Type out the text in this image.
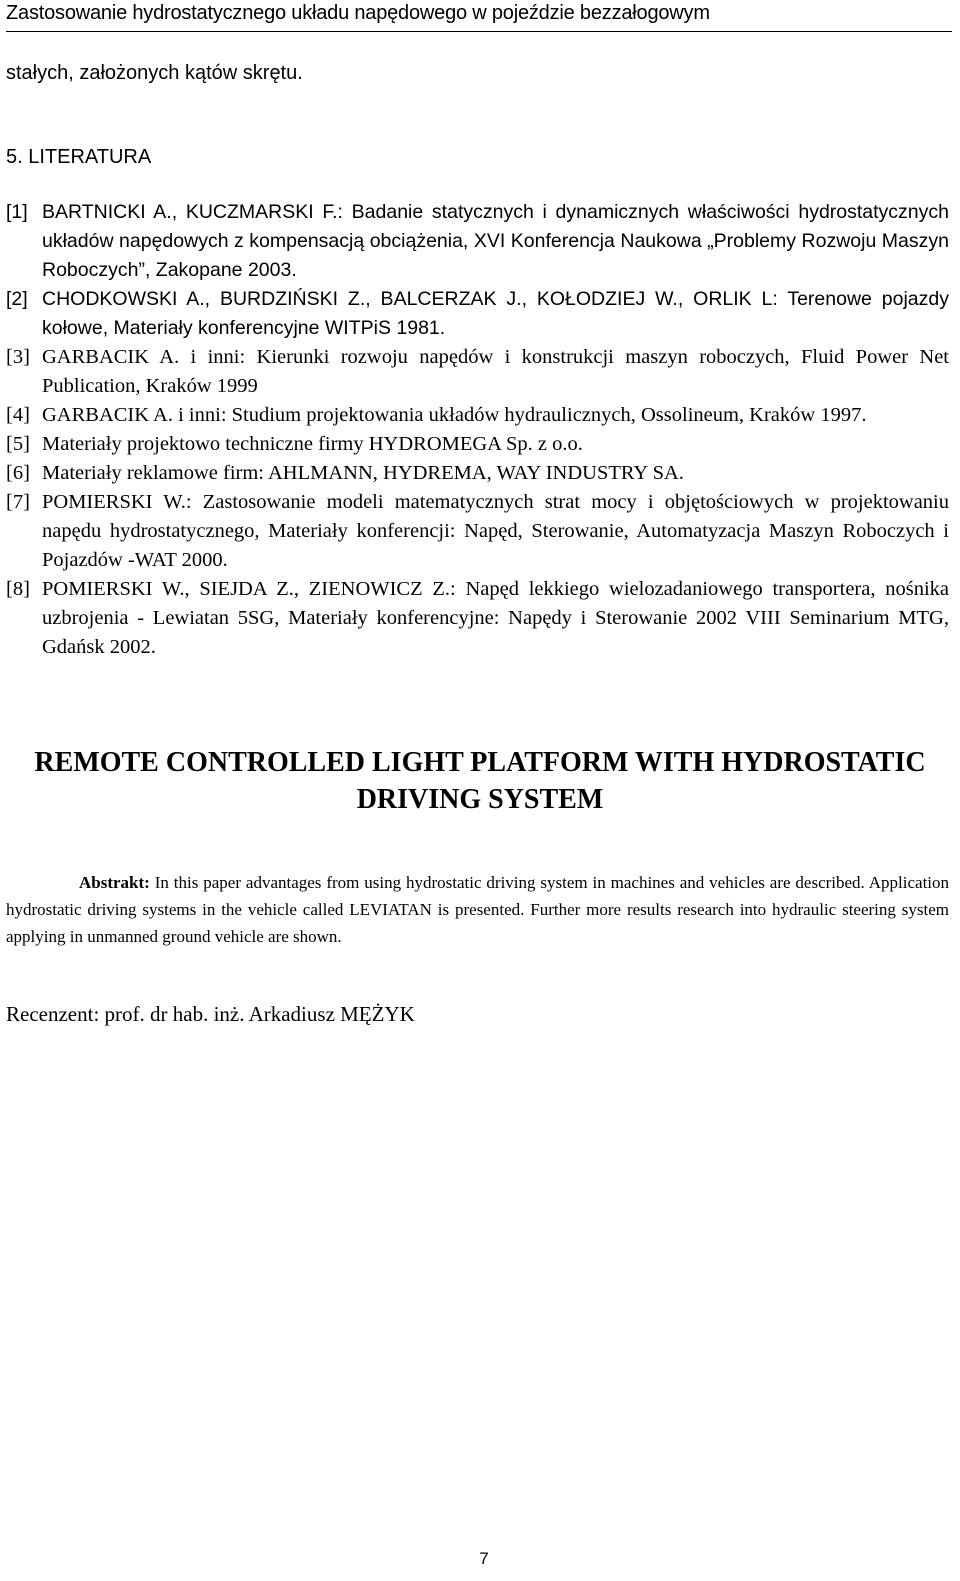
Zastosowanie hydrostatycznego układu napędowego w pojeździe bezzałogowym
stałych, założonych kątów skrętu.
5. LITERATURA
[1] BARTNICKI A., KUCZMARSKI F.: Badanie statycznych i dynamicznych właściwości hydrostatycznych układów napędowych z kompensacją obciążenia, XVI Konferencja Naukowa „Problemy Rozwoju Maszyn Roboczych”, Zakopane 2003.
[2] CHODKOWSKI A., BURDZIŃSKI Z., BALCERZAK J., KOŁODZIEJ W., ORLIK L: Terenowe pojazdy kołowe, Materiały konferencyjne WITPiS 1981.
[3] GARBACIK A. i inni: Kierunki rozwoju napędów i konstrukcji maszyn roboczych, Fluid Power Net Publication, Kraków 1999
[4] GARBACIK A. i inni: Studium projektowania układów hydraulicznych, Ossolineum, Kraków 1997.
[5] Materiały projektowo techniczne firmy HYDROMEGA Sp. z o.o.
[6] Materiały reklamowe firm: AHLMANN, HYDREMA, WAY INDUSTRY SA.
[7] POMIERSKI W.: Zastosowanie modeli matematycznych strat mocy i objętościowych w projektowaniu napędu hydrostatycznego, Materiały konferencji: Napęd, Sterowanie, Automatyzacja Maszyn Roboczych i Pojazdów -WAT 2000.
[8] POMIERSKI W., SIEJDA Z., ZIENOWICZ Z.: Napęd lekkiego wielozadaniowego transportera, nośnika uzbrojenia - Lewiatan 5SG, Materiały konferencyjne: Napędy i Sterowanie 2002 VIII Seminarium MTG, Gdańsk 2002.
REMOTE CONTROLLED LIGHT PLATFORM WITH HYDROSTATIC DRIVING SYSTEM

Abstrakt: In this paper advantages from using hydrostatic driving system in machines and vehicles are described. Application hydrostatic driving systems in the vehicle called LEVIATAN is presented. Further more results research into hydraulic steering system applying in unmanned ground vehicle are shown.

Recenzent: prof. dr hab. inż. Arkadiusz MĘŻYK
7
